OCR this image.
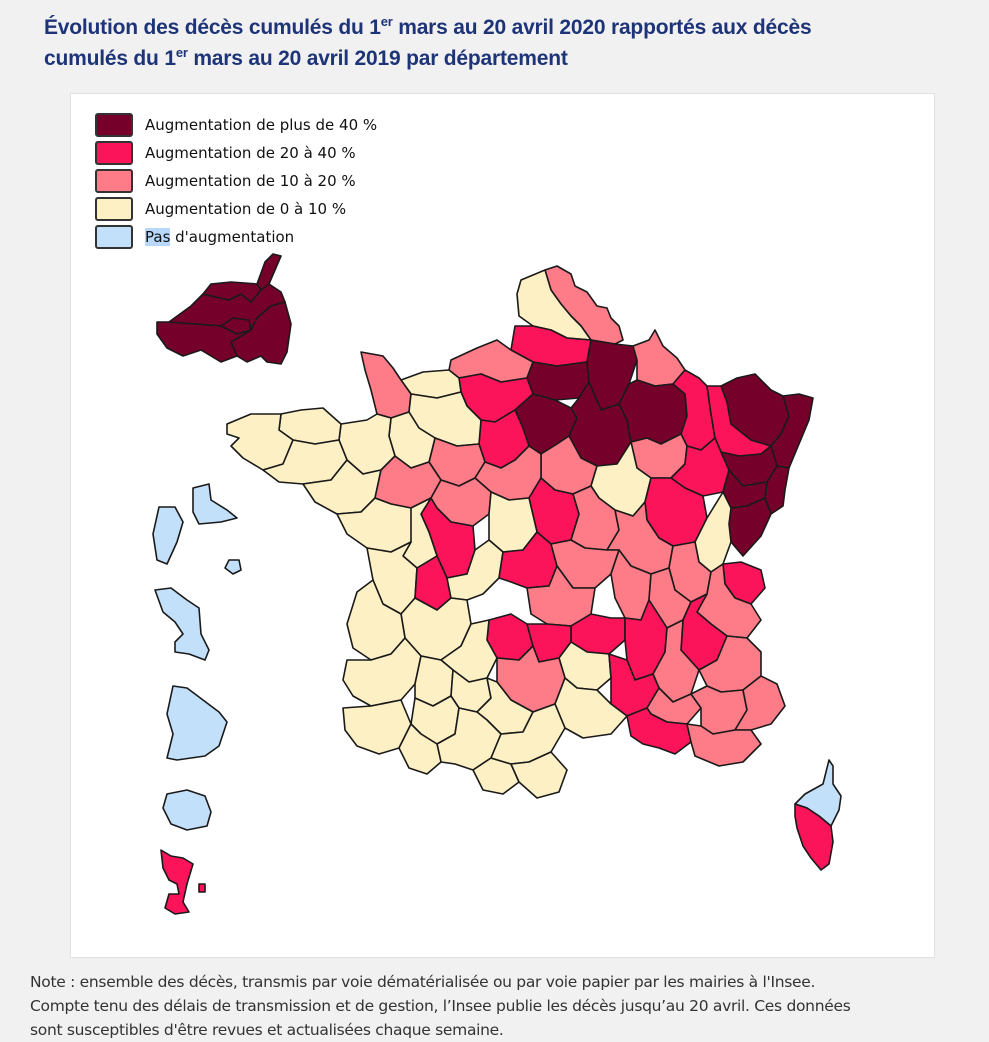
Évolution des décès cumulés du 1er mars au 20 avril 2020 rapportés aux décès
cumulés du 1er mars au 20 avril 2019 par département
Augmentation de plus de 40 %
Augmentation de 20 à 40 %
Augmentation de 10 à 20 %
Augmentation de 0 à 10 %
Pas d'augmentation
Note : ensemble des décès, transmis par voie dématérialisée ou par voie papier par les mairies à l'Insee.
Compte tenu des délais de transmission et de gestion, l’Insee publie les décès jusqu’au 20 avril. Ces données
sont susceptibles d'être revues et actualisées chaque semaine.
